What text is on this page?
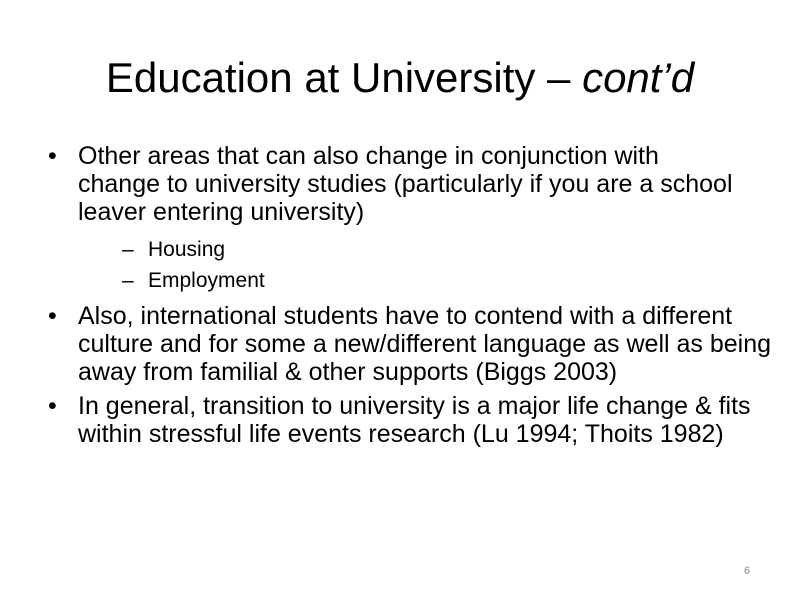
Education at University – cont’d
• Other areas that can also change in conjunction with change to university studies (particularly if you are a school leaver entering university)
– Housing
– Employment
• Also, international students have to contend with a different culture and for some a new/different language as well as being away from familial & other supports (Biggs 2003)
• In general, transition to university is a major life change & fits within stressful life events research (Lu 1994; Thoits 1982)
6
